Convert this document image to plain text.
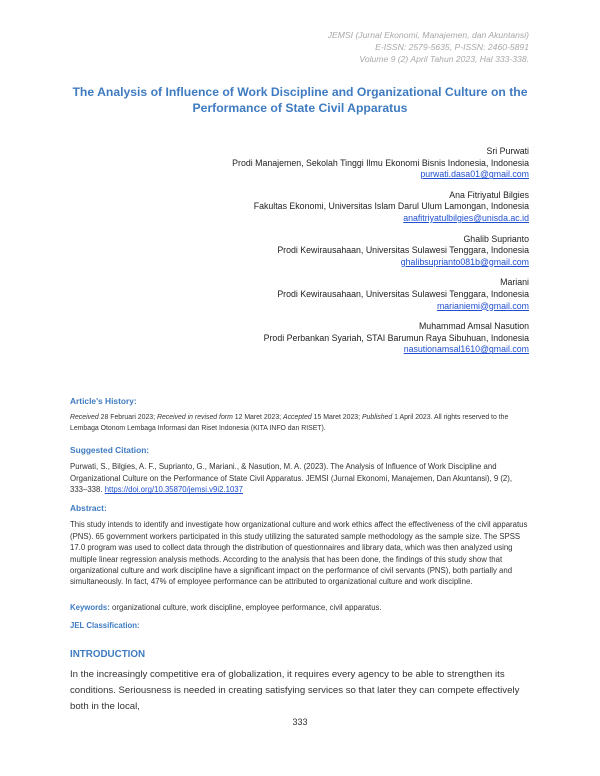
JEMSI (Jurnal Ekonomi, Manajemen, dan Akuntansi)
E-ISSN: 2579-5635, P-ISSN: 2460-5891
Volume 9 (2) April Tahun 2023, Hal 333-338.
The Analysis of Influence of Work Discipline and Organizational Culture on the Performance of State Civil Apparatus
Sri Purwati
Prodi Manajemen, Sekolah Tinggi Ilmu Ekonomi Bisnis Indonesia, Indonesia
purwati.dasa01@gmail.com
Ana Fitriyatul Bilgies
Fakultas Ekonomi, Universitas Islam Darul Ulum Lamongan, Indonesia
anafitriyatulbilgies@unisda.ac.id
Ghalib Suprianto
Prodi Kewirausahaan, Universitas Sulawesi Tenggara, Indonesia
ghalibsuprianto081b@gmail.com
Mariani
Prodi Kewirausahaan, Universitas Sulawesi Tenggara, Indonesia
marianiemi@gmail.com
Muhammad Amsal Nasution
Prodi Perbankan Syariah, STAI Barumun Raya Sibuhuan, Indonesia
nasutionamsal1610@gmail.com
Article's History:
Received 28 Februari 2023; Received in revised form 12 Maret 2023; Accepted 15 Maret 2023; Published 1 April 2023. All rights reserved to the Lembaga Otonom Lembaga Informasi dan Riset Indonesia (KITA INFO dan RISET).
Suggested Citation:
Purwati, S., Bilgies, A. F., Suprianto, G., Mariani., & Nasution, M. A. (2023). The Analysis of Influence of Work Discipline and Organizational Culture on the Performance of State Civil Apparatus. JEMSI (Jurnal Ekonomi, Manajemen, Dan Akuntansi), 9 (2), 333–338. https://doi.org/10.35870/jemsi.v9i2.1037
Abstract:
This study intends to identify and investigate how organizational culture and work ethics affect the effectiveness of the civil apparatus (PNS). 65 government workers participated in this study utilizing the saturated sample methodology as the sample size. The SPSS 17.0 program was used to collect data through the distribution of questionnaires and library data, which was then analyzed using multiple linear regression analysis methods. According to the analysis that has been done, the findings of this study show that organizational culture and work discipline have a significant impact on the performance of civil servants (PNS), both partially and simultaneously. In fact, 47% of employee performance can be attributed to organizational culture and work discipline.
Keywords: organizational culture, work discipline, employee performance, civil apparatus.
JEL Classification:
INTRODUCTION
In the increasingly competitive era of globalization, it requires every agency to be able to strengthen its conditions. Seriousness is needed in creating satisfying services so that later they can compete effectively both in the local,
333
